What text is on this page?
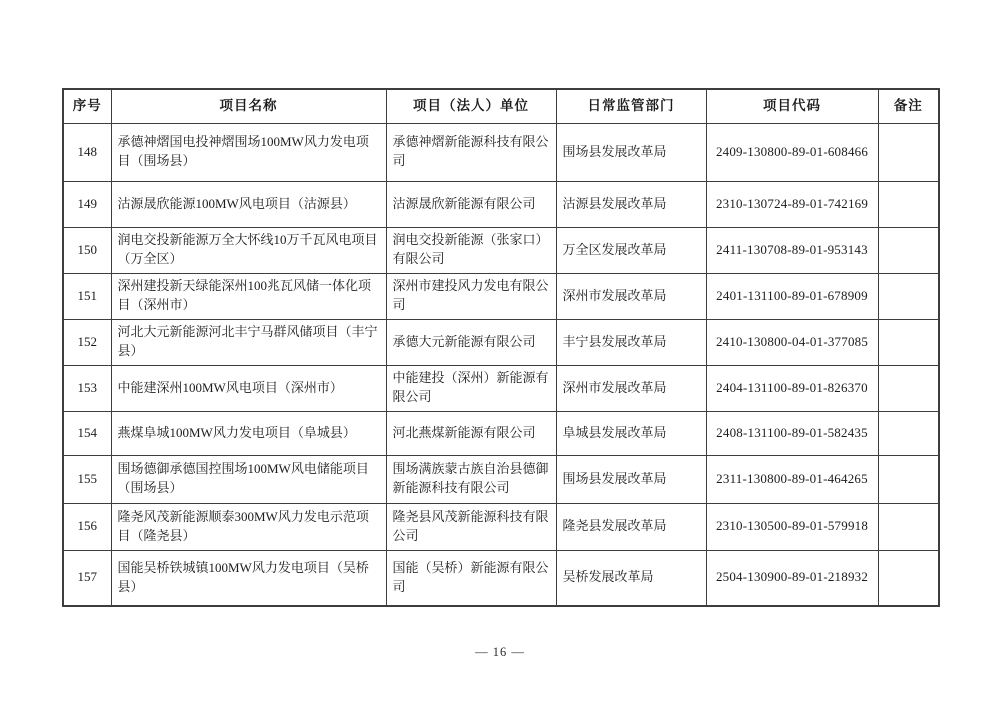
序号	项目名称	项目（法人）单位	日常监管部门	项目代码	备注
148	承德神熠国电投神熠围场100MW风力发电项目（围场县）	承德神熠新能源科技有限公司	围场县发展改革局	2409-130800-89-01-608466	
149	沽源晟欣能源100MW风电项目（沽源县）	沽源晟欣新能源有限公司	沽源县发展改革局	2310-130724-89-01-742169	
150	润电交投新能源万全大怀线10万千瓦风电项目（万全区）	润电交投新能源（张家口）有限公司	万全区发展改革局	2411-130708-89-01-953143	
151	深州建投新天绿能深州100兆瓦风储一体化项目（深州市）	深州市建投风力发电有限公司	深州市发展改革局	2401-131100-89-01-678909	
152	河北大元新能源河北丰宁马群风储项目（丰宁县）	承德大元新能源有限公司	丰宁县发展改革局	2410-130800-04-01-377085	
153	中能建深州100MW风电项目（深州市）	中能建投（深州）新能源有限公司	深州市发展改革局	2404-131100-89-01-826370	
154	燕煤阜城100MW风力发电项目（阜城县）	河北燕煤新能源有限公司	阜城县发展改革局	2408-131100-89-01-582435	
155	围场德御承德国控围场100MW风电储能项目（围场县）	围场满族蒙古族自治县德御新能源科技有限公司	围场县发展改革局	2311-130800-89-01-464265	
156	隆尧风茂新能源顺泰300MW风力发电示范项目（隆尧县）	隆尧县风茂新能源科技有限公司	隆尧县发展改革局	2310-130500-89-01-579918	
157	国能吴桥铁城镇100MW风力发电项目（吴桥县）	国能（吴桥）新能源有限公司	吴桥发展改革局	2504-130900-89-01-218932	
— 16 —
